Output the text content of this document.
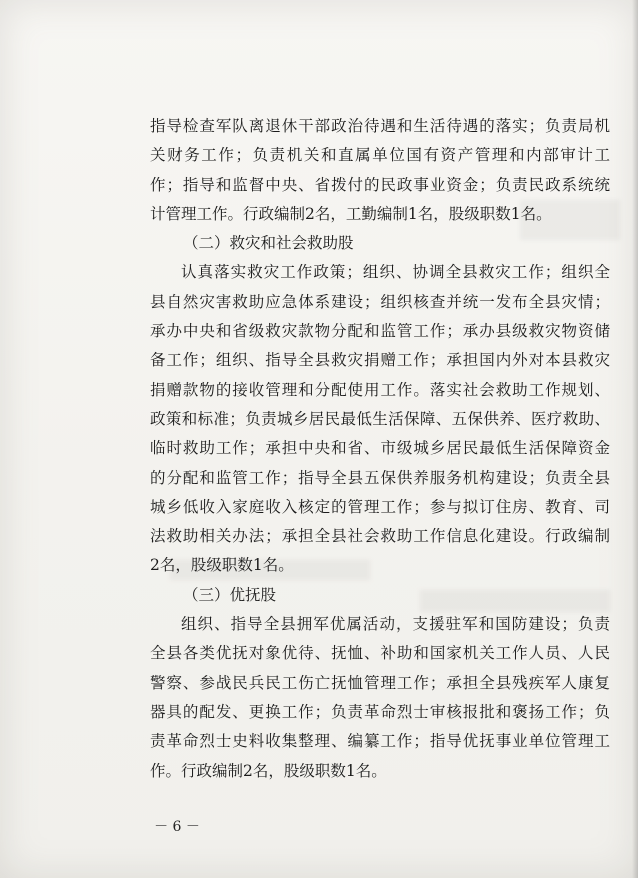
指导检查军队离退休干部政治待遇和生活待遇的落实；负责局机
关财务工作；负责机关和直属单位国有资产管理和内部审计工
作；指导和监督中央、省拨付的民政事业资金；负责民政系统统
计管理工作。行政编制2名，工勤编制1名，股级职数1名。
（二）救灾和社会救助股
认真落实救灾工作政策；组织、协调全县救灾工作；组织全
县自然灾害救助应急体系建设；组织核查并统一发布全县灾情；
承办中央和省级救灾款物分配和监管工作；承办县级救灾物资储
备工作；组织、指导全县救灾捐赠工作；承担国内外对本县救灾
捐赠款物的接收管理和分配使用工作。落实社会救助工作规划、
政策和标准；负责城乡居民最低生活保障、五保供养、医疗救助、
临时救助工作；承担中央和省、市级城乡居民最低生活保障资金
的分配和监管工作；指导全县五保供养服务机构建设；负责全县
城乡低收入家庭收入核定的管理工作；参与拟订住房、教育、司
法救助相关办法；承担全县社会救助工作信息化建设。行政编制
2名，股级职数1名。
（三）优抚股
组织、指导全县拥军优属活动，支援驻军和国防建设；负责
全县各类优抚对象优待、抚恤、补助和国家机关工作人员、人民
警察、参战民兵民工伤亡抚恤管理工作；承担全县残疾军人康复
器具的配发、更换工作；负责革命烈士审核报批和褒扬工作；负
责革命烈士史料收集整理、编纂工作；指导优抚事业单位管理工
作。行政编制2名，股级职数1名。
－ 6 －
